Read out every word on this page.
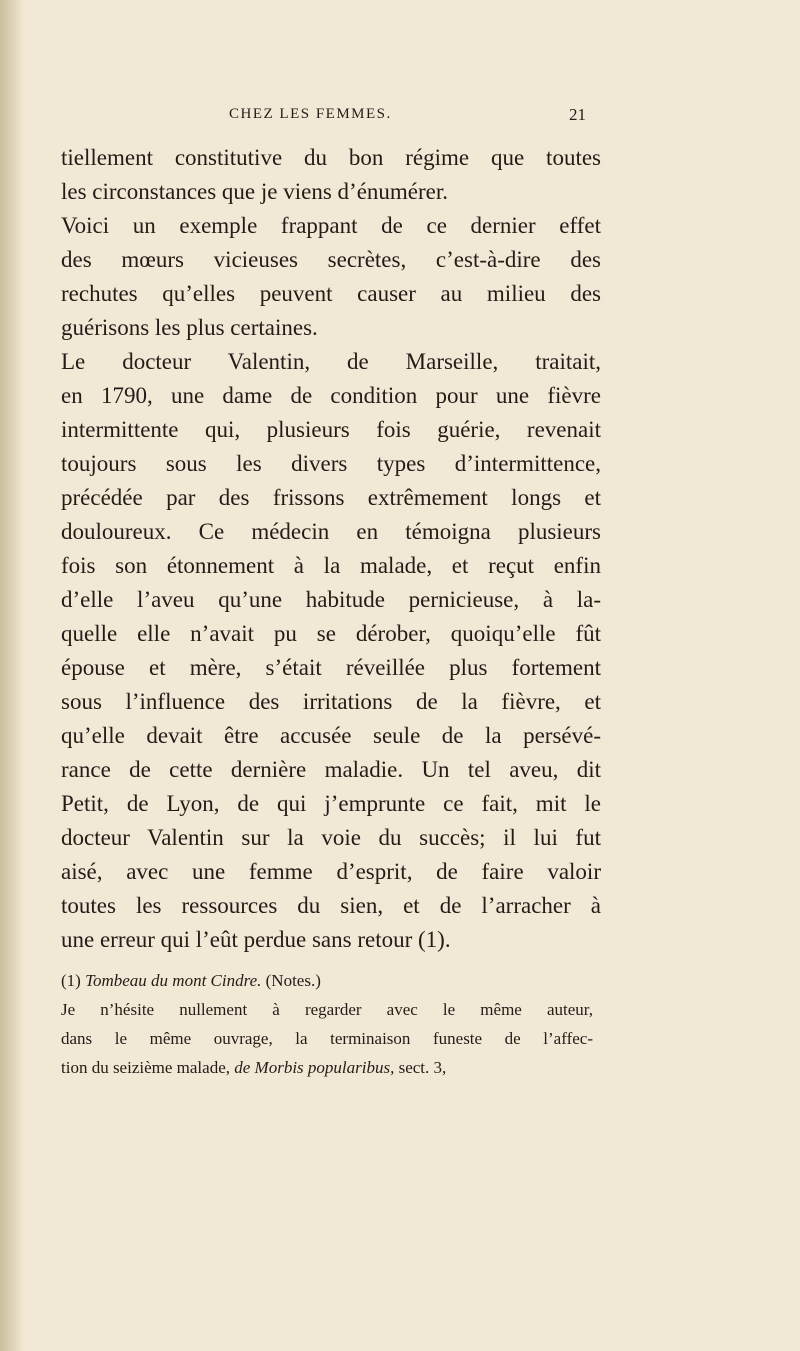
CHEZ LES FEMMES.	21
tiellement constitutive du bon régime que toutes
les circonstances que je viens d’énumérer.
Voici un exemple frappant de ce dernier effet
des mœurs vicieuses secrètes, c’est-à-dire des
rechutes qu’elles peuvent causer au milieu des
guérisons les plus certaines.
Le docteur Valentin, de Marseille, traitait,
en 1790, une dame de condition pour une fièvre
intermittente qui, plusieurs fois guérie, revenait
toujours sous les divers types d’intermittence,
précédée par des frissons extrêmement longs et
douloureux. Ce médecin en témoigna plusieurs
fois son étonnement à la malade, et reçut enfin
d’elle l’aveu qu’une habitude pernicieuse, à la-
quelle elle n’avait pu se dérober, quoiqu’elle fût
épouse et mère, s’était réveillée plus fortement
sous l’influence des irritations de la fièvre, et
qu’elle devait être accusée seule de la persévé-
rance de cette dernière maladie. Un tel aveu, dit
Petit, de Lyon, de qui j’emprunte ce fait, mit le
docteur Valentin sur la voie du succès; il lui fut
aisé, avec une femme d’esprit, de faire valoir
toutes les ressources du sien, et de l’arracher à
une erreur qui l’eût perdue sans retour (1).
(1) Tombeau du mont Cindre. (Notes.)
Je n’hésite nullement à regarder avec le même auteur,
dans le même ouvrage, la terminaison funeste de l’affec-
tion du seizième malade, de Morbis popularibus, sect. 3,
